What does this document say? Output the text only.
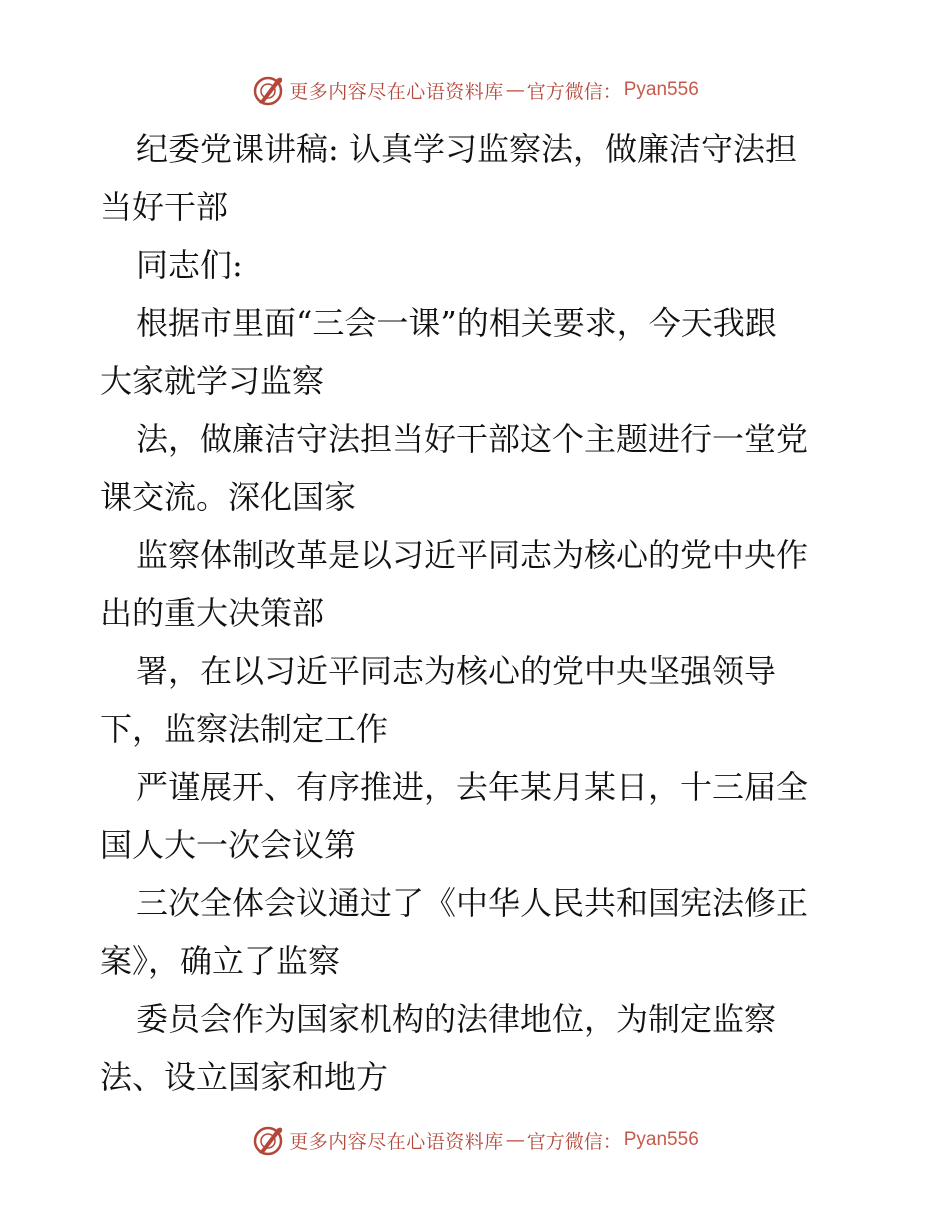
更多内容尽在心语资料库 — 官方微信： Pyan556
纪委党课讲稿: 认真学习监察法，做廉洁守法担
当好干部
同志们:
根据市里面“三会一课”的相关要求，今天我跟
大家就学习监察
法，做廉洁守法担当好干部这个主题进行一堂党
课交流。深化国家
监察体制改革是以习近平同志为核心的党中央作
出的重大决策部
署，在以习近平同志为核心的党中央坚强领导
下，监察法制定工作
严谨展开、有序推进，去年某月某日，十三届全
国人大一次会议第
三次全体会议通过了《中华人民共和国宪法修正
案》，确立了监察
委员会作为国家机构的法律地位，为制定监察
法、设立国家和地方
更多内容尽在心语资料库 — 官方微信： Pyan556
